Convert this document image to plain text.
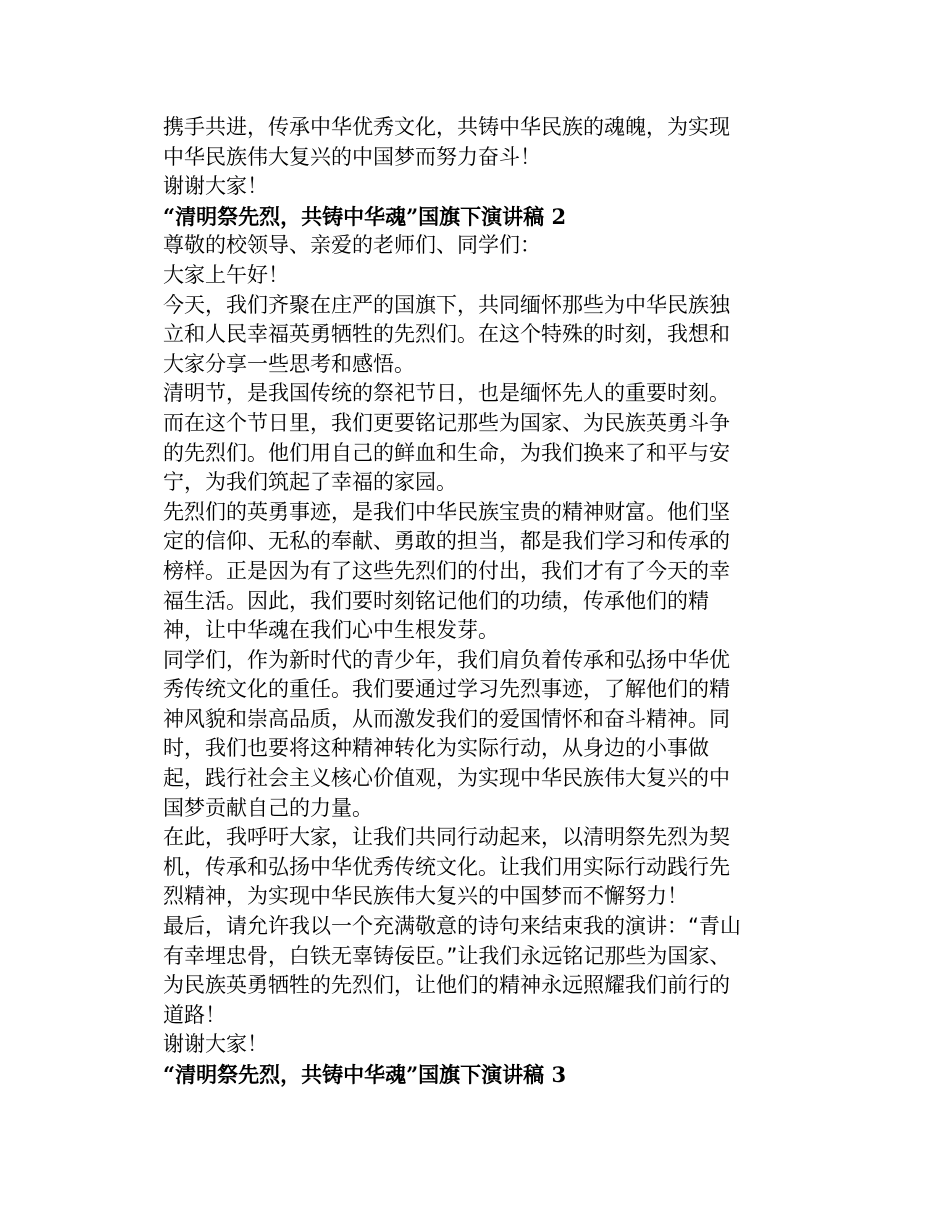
携手共进，传承中华优秀文化，共铸中华民族的魂魄，为实现
中华民族伟大复兴的中国梦而努力奋斗！
谢谢大家！
“清明祭先烈，共铸中华魂”国旗下演讲稿 2
尊敬的校领导、亲爱的老师们、同学们：
大家上午好！
今天，我们齐聚在庄严的国旗下，共同缅怀那些为中华民族独
立和人民幸福英勇牺牲的先烈们。在这个特殊的时刻，我想和
大家分享一些思考和感悟。
清明节，是我国传统的祭祀节日，也是缅怀先人的重要时刻。
而在这个节日里，我们更要铭记那些为国家、为民族英勇斗争
的先烈们。他们用自己的鲜血和生命，为我们换来了和平与安
宁，为我们筑起了幸福的家园。
先烈们的英勇事迹，是我们中华民族宝贵的精神财富。他们坚
定的信仰、无私的奉献、勇敢的担当，都是我们学习和传承的
榜样。正是因为有了这些先烈们的付出，我们才有了今天的幸
福生活。因此，我们要时刻铭记他们的功绩，传承他们的精
神，让中华魂在我们心中生根发芽。
同学们，作为新时代的青少年，我们肩负着传承和弘扬中华优
秀传统文化的重任。我们要通过学习先烈事迹，了解他们的精
神风貌和崇高品质，从而激发我们的爱国情怀和奋斗精神。同
时，我们也要将这种精神转化为实际行动，从身边的小事做
起，践行社会主义核心价值观，为实现中华民族伟大复兴的中
国梦贡献自己的力量。
在此，我呼吁大家，让我们共同行动起来，以清明祭先烈为契
机，传承和弘扬中华优秀传统文化。让我们用实际行动践行先
烈精神，为实现中华民族伟大复兴的中国梦而不懈努力！
最后，请允许我以一个充满敬意的诗句来结束我的演讲：“青山
有幸埋忠骨，白铁无辜铸佞臣。”让我们永远铭记那些为国家、
为民族英勇牺牲的先烈们，让他们的精神永远照耀我们前行的
道路！
谢谢大家！
“清明祭先烈，共铸中华魂”国旗下演讲稿 3
